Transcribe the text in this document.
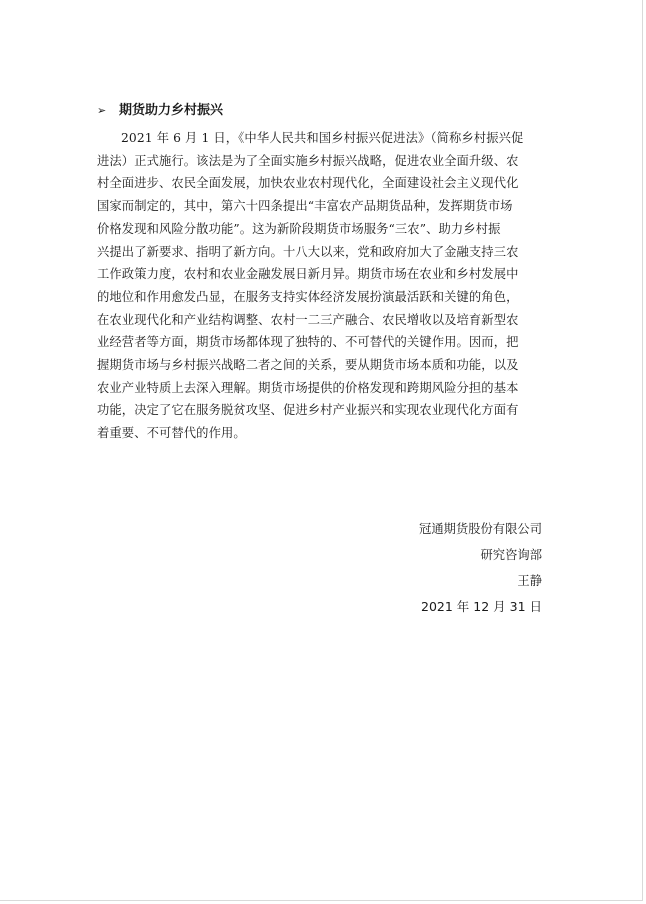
➢ 期货助力乡村振兴
2021 年 6 月 1 日，《中华人民共和国乡村振兴促进法》（简称乡村振兴促
进法）正式施行。该法是为了全面实施乡村振兴战略，促进农业全面升级、农
村全面进步、农民全面发展，加快农业农村现代化，全面建设社会主义现代化
国家而制定的，其中，第六十四条提出“丰富农产品期货品种，发挥期货市场
价格发现和风险分散功能”。这为新阶段期货市场服务“三农”、助力乡村振
兴提出了新要求、指明了新方向。十八大以来，党和政府加大了金融支持三农
工作政策力度，农村和农业金融发展日新月异。期货市场在农业和乡村发展中
的地位和作用愈发凸显，在服务支持实体经济发展扮演最活跃和关键的角色，
在农业现代化和产业结构调整、农村一二三产融合、农民增收以及培育新型农
业经营者等方面，期货市场都体现了独特的、不可替代的关键作用。因而，把
握期货市场与乡村振兴战略二者之间的关系，要从期货市场本质和功能，以及
农业产业特质上去深入理解。期货市场提供的价格发现和跨期风险分担的基本
功能，决定了它在服务脱贫攻坚、促进乡村产业振兴和实现农业现代化方面有
着重要、不可替代的作用。
冠通期货股份有限公司
研究咨询部
王静
2021 年 12 月 31 日
